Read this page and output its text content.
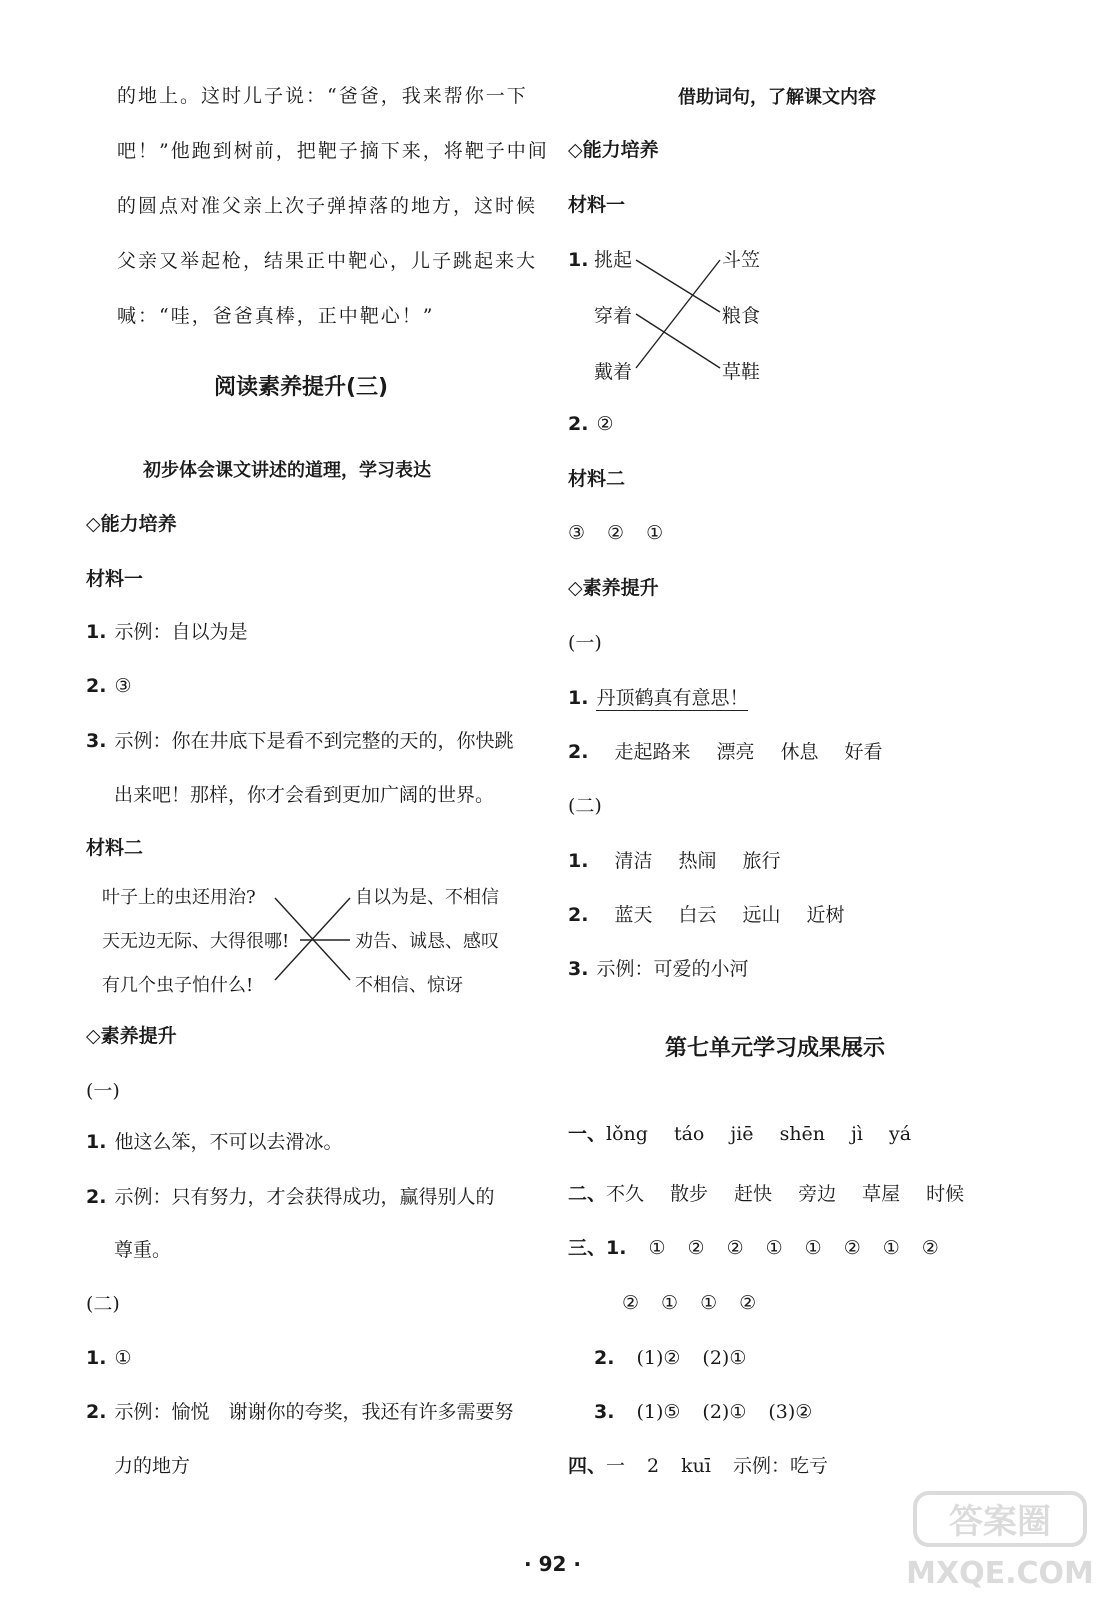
的地上。这时儿子说：“爸爸，我来帮你一下
吧！”他跑到树前，把靶子摘下来，将靶子中间
的圆点对准父亲上次子弹掉落的地方，这时候
父亲又举起枪，结果正中靶心，儿子跳起来大
喊：“哇，爸爸真棒，正中靶心！”
阅读素养提升(三)
初步体会课文讲述的道理，学习表达
◇能力培养
材料一
1. 示例：自以为是
2. ③
3. 示例：你在井底下是看不到完整的天的，你快跳
出来吧！那样，你才会看到更加广阔的世界。
材料二
叶子上的虫还用治?
天无边无际、大得很哪!
有几个虫子怕什么!
自以为是、不相信
劝告、诚恳、感叹
不相信、惊讶
◇素养提升
(一)
1. 他这么笨，不可以去滑冰。
2. 示例：只有努力，才会获得成功，赢得别人的
尊重。
(二)
1. ①
2. 示例：愉悦　谢谢你的夸奖，我还有许多需要努
力的地方
借助词句，了解课文内容
◇能力培养
材料一
1. 挑起
穿着
戴着
斗笠
粮食
草鞋
2. ②
材料二
③ ② ①
◇素养提升
(一)
1. 丹顶鹤真有意思！
2. 走起路来 漂亮 休息 好看
(二)
1. 清洁 热闹 旅行
2. 蓝天 白云 远山 近树
3. 示例：可爱的小河
第七单元学习成果展示
一、lǒng táo jiē shēn jì yá
二、不久 散步 赶快 旁边 草屋 时候
三、1. ① ② ② ① ① ② ① ②
② ① ① ②
2. (1)② (2)①
3. (1)⑤ (2)① (3)②
四、一 2 kuī 示例：吃亏
· 92 ·
答案圈
MXQE.COM
